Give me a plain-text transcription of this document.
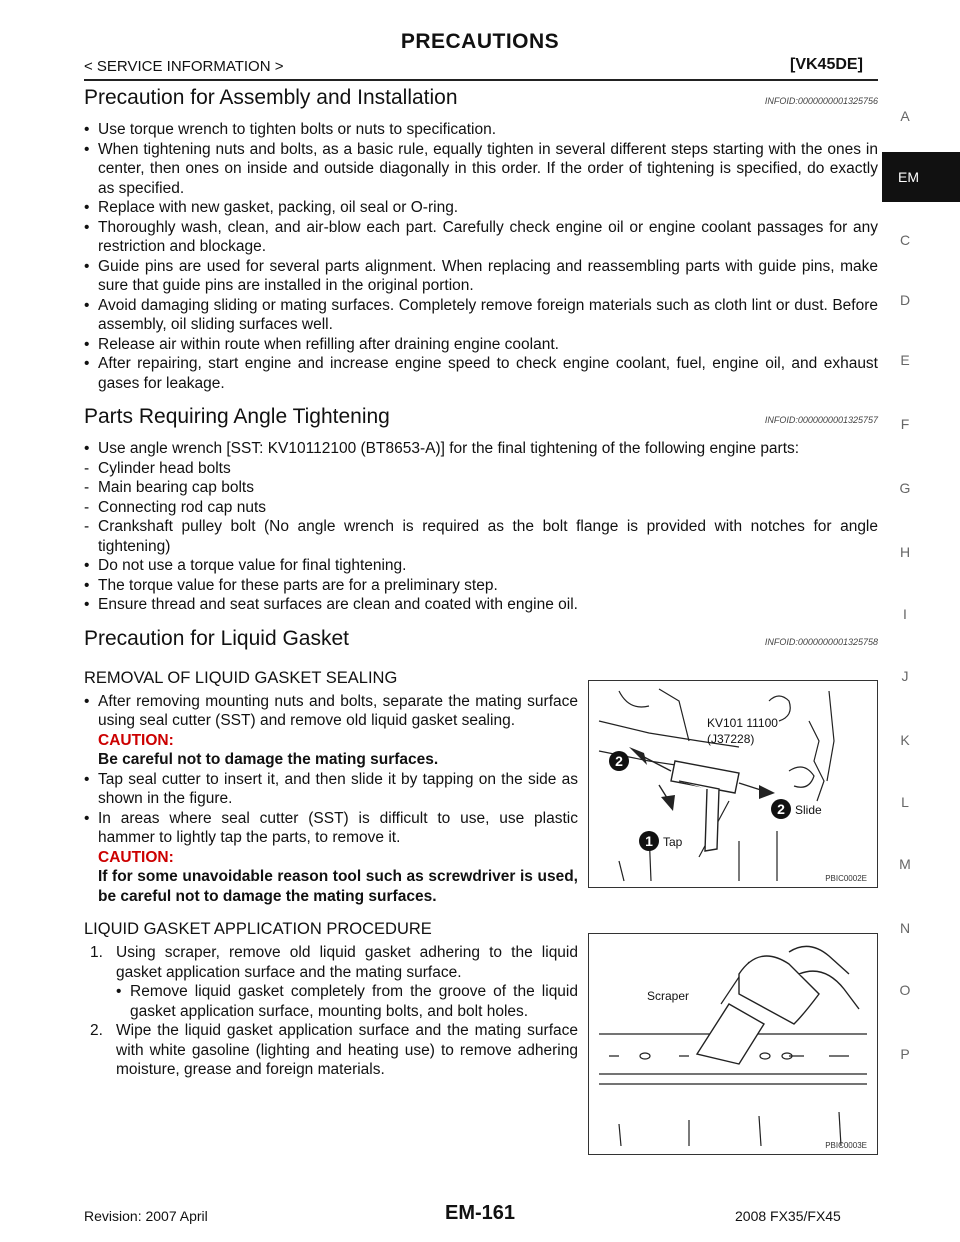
PRECAUTIONS
< SERVICE INFORMATION >	[VK45DE]
A
EM
C
D
E
F
G
H
I
J
K
L
M
N
O
P
Precaution for Assembly and Installation	INFOID:0000000001325756
• Use torque wrench to tighten bolts or nuts to specification.
• When tightening nuts and bolts, as a basic rule, equally tighten in several different steps starting with the ones in center, then ones on inside and outside diagonally in this order. If the order of tightening is specified, do exactly as specified.
• Replace with new gasket, packing, oil seal or O-ring.
• Thoroughly wash, clean, and air-blow each part. Carefully check engine oil or engine coolant passages for any restriction and blockage.
• Guide pins are used for several parts alignment. When replacing and reassembling parts with guide pins, make sure that guide pins are installed in the original portion.
• Avoid damaging sliding or mating surfaces. Completely remove foreign materials such as cloth lint or dust. Before assembly, oil sliding surfaces well.
• Release air within route when refilling after draining engine coolant.
• After repairing, start engine and increase engine speed to check engine coolant, fuel, engine oil, and exhaust gases for leakage.
Parts Requiring Angle Tightening	INFOID:0000000001325757
• Use angle wrench [SST: KV10112100 (BT8653-A)] for the final tightening of the following engine parts:
- Cylinder head bolts
- Main bearing cap bolts
- Connecting rod cap nuts
- Crankshaft pulley bolt (No angle wrench is required as the bolt flange is provided with notches for angle tightening)
• Do not use a torque value for final tightening.
• The torque value for these parts are for a preliminary step.
• Ensure thread and seat surfaces are clean and coated with engine oil.
Precaution for Liquid Gasket	INFOID:0000000001325758
REMOVAL OF LIQUID GASKET SEALING
• After removing mounting nuts and bolts, separate the mating surface using seal cutter (SST) and remove old liquid gasket sealing.
CAUTION:
Be careful not to damage the mating surfaces.
• Tap seal cutter to insert it, and then slide it by tapping on the side as shown in the figure.
• In areas where seal cutter (SST) is difficult to use, use plastic hammer to lightly tap the parts, to remove it.
CAUTION:
If for some unavoidable reason tool such as screwdriver is used, be careful not to damage the mating surfaces.
2
1
2
Tap
Slide
KV101 11100
(J37228)
PBIC0002E
LIQUID GASKET APPLICATION PROCEDURE
1. Using scraper, remove old liquid gasket adhering to the liquid gasket application surface and the mating surface.
• Remove liquid gasket completely from the groove of the liquid gasket application surface, mounting bolts, and bolt holes.
2. Wipe the liquid gasket application surface and the mating surface with white gasoline (lighting and heating use) to remove adhering moisture, grease and foreign materials.
Scraper
PBIC0003E
Revision: 2007 April	EM-161	2008 FX35/FX45
